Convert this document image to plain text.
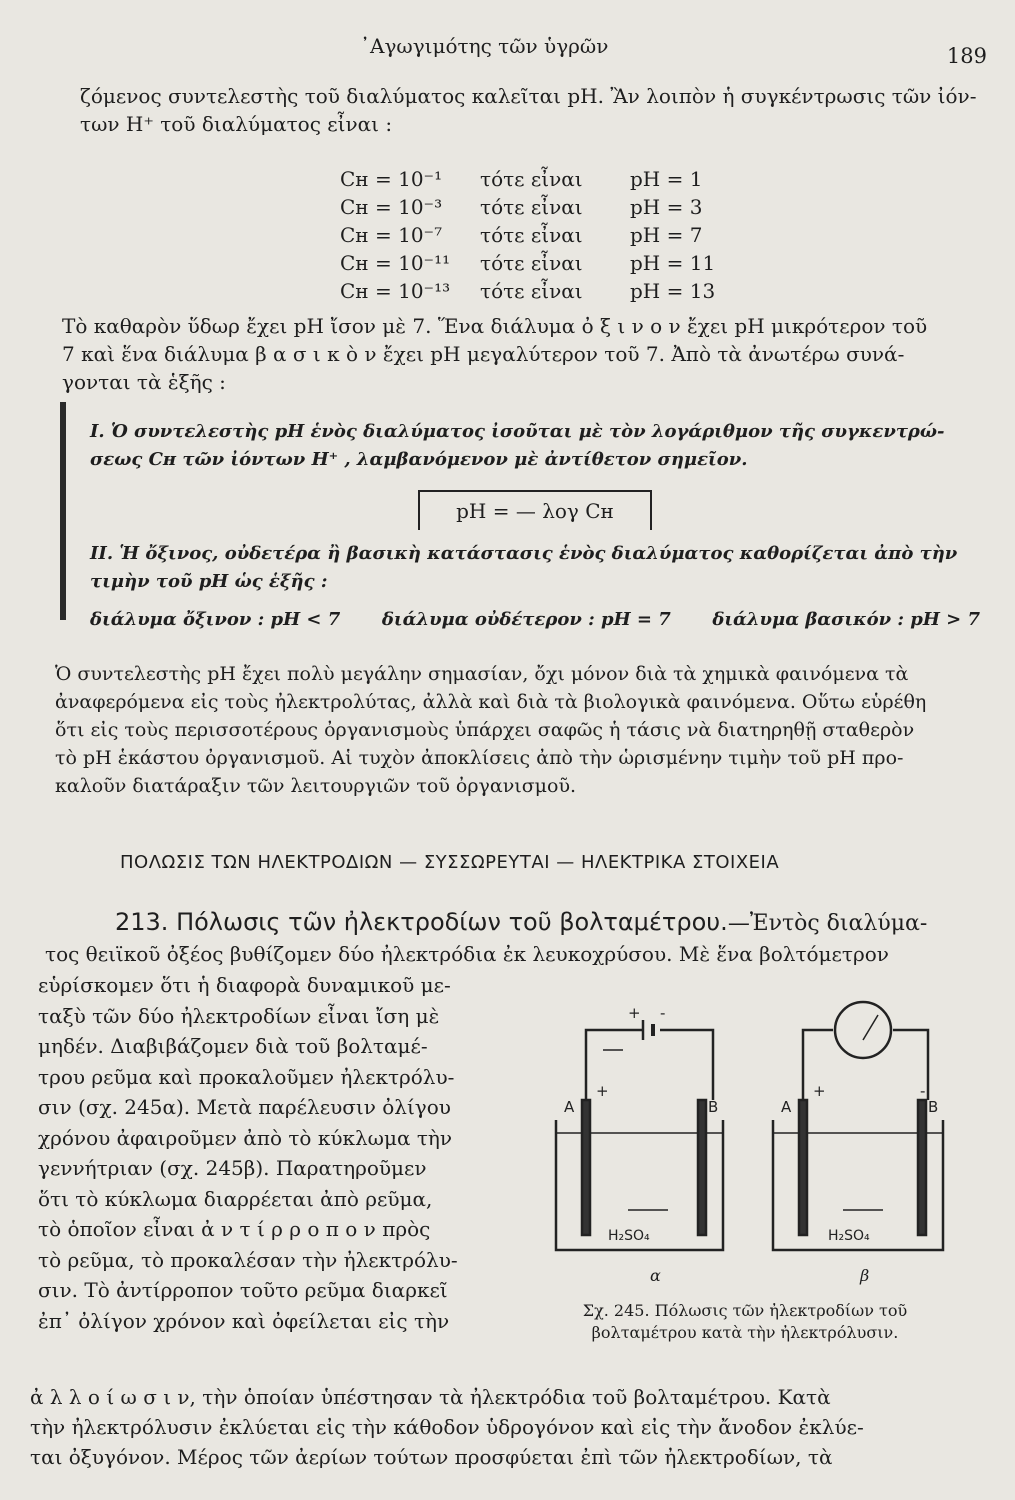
᾿Αγωγιμότης τῶν ὑγρῶν	189
ζόμενος συντελεστὴς τοῦ διαλύματος καλεῖται pH. Ἂν λοιπὸν ἡ συγκέντρωσις τῶν ἰόν-
των H⁺ τοῦ διαλύματος εἶναι :
Cʜ = 10⁻¹	τότε εἶναι	pH = 1
Cʜ = 10⁻³	τότε εἶναι	pH = 3
Cʜ = 10⁻⁷	τότε εἶναι	pH = 7
Cʜ = 10⁻¹¹	τότε εἶναι	pH = 11
Cʜ = 10⁻¹³	τότε εἶναι	pH = 13
Τὸ καθαρὸν ὕδωρ ἔχει pH ἴσον μὲ 7. Ἕνα διάλυμα ὀ ξ ι ν ο ν ἔχει pH μικρότερον τοῦ
7 καὶ ἕνα διάλυμα β α σ ι κ ὸ ν ἔχει pH μεγαλύτερον τοῦ 7. Ἀπὸ τὰ ἀνωτέρω συνά-
γονται τὰ ἑξῆς :
I. Ὁ συντελεστὴς pH ἑνὸς διαλύματος ἰσοῦται μὲ τὸν λογάριθμον τῆς συγκεντρώ-
σεως Cʜ τῶν ἰόντων H⁺ , λαμβανόμενον μὲ ἀντίθετον σημεῖον.
pH = — λογ Cʜ
II. Ἡ ὄξινος, οὐδετέρα ἢ βασικὴ κατάστασις ἑνὸς διαλύματος καθορίζεται ἀπὸ τὴν
τιμὴν τοῦ pH ὡς ἑξῆς :
διάλυμα ὄξινον : pH < 7 διάλυμα οὐδέτερον : pH = 7 διάλυμα βασικόν : pH > 7
Ὁ συντελεστὴς pH ἔχει πολὺ μεγάλην σημασίαν, ὄχι μόνον διὰ τὰ χημικὰ φαινόμενα τὰ
ἀναφερόμενα εἰς τοὺς ἠλεκτρολύτας, ἀλλὰ καὶ διὰ τὰ βιολογικὰ φαινόμενα. Οὕτω εὑρέθη
ὅτι εἰς τοὺς περισσοτέρους ὀργανισμοὺς ὑπάρχει σαφῶς ἡ τάσις νὰ διατηρηθῇ σταθερὸν
τὸ pH ἑκάστου ὀργανισμοῦ. Αἱ τυχὸν ἀποκλίσεις ἀπὸ τὴν ὡρισμένην τιμὴν τοῦ pH προ-
καλοῦν διατάραξιν τῶν λειτουργιῶν τοῦ ὀργανισμοῦ.
ΠΟΛΩΣΙΣ ΤΩΝ ΗΛΕΚΤΡΟΔΙΩΝ — ΣΥΣΣΩΡΕΥΤΑΙ — ΗΛΕΚΤΡΙΚΑ ΣΤΟΙΧΕΙΑ
213. Πόλωσις τῶν ἠλεκτροδίων τοῦ βολταμέτρου.—Ἐντὸς διαλύμα-
τος θειϊκοῦ ὀξέος βυθίζομεν δύο ἠλεκτρόδια ἐκ λευκοχρύσου. Μὲ ἕνα βολτόμετρον
εὑρίσκομεν ὅτι ἡ διαφορὰ δυναμικοῦ με-
ταξὺ τῶν δύο ἠλεκτροδίων εἶναι ἴση μὲ
μηδέν. Διαβιβάζομεν διὰ τοῦ βολταμέ-
τρου ρεῦμα καὶ προκαλοῦμεν ἠλεκτρόλυ-
σιν (σχ. 245α). Μετὰ παρέλευσιν ὀλίγου
χρόνου ἀφαιροῦμεν ἀπὸ τὸ κύκλωμα τὴν
γεννήτριαν (σχ. 245β). Παρατηροῦμεν
ὅτι τὸ κύκλωμα διαρρέεται ἀπὸ ρεῦμα,
τὸ ὁποῖον εἶναι ἀ ν τ ί ρ ρ ο π ο ν πρὸς
τὸ ρεῦμα, τὸ προκαλέσαν τὴν ἠλεκτρόλυ-
σιν. Τὸ ἀντίρροπον τοῦτο ρεῦμα διαρκεῖ
ἐπ᾿ ὀλίγον χρόνον καὶ ὀφείλεται εἰς τὴν
A
+
B
+ -
H₂SO₄
A
+	-
B
H₂SO₄
α	β
Σχ. 245. Πόλωσις τῶν ἠλεκτροδίων τοῦ
βολταμέτρου κατὰ τὴν ἠλεκτρόλυσιν.
ἀ λ λ ο ί ω σ ι ν, τὴν ὁποίαν ὑπέστησαν τὰ ἠλεκτρόδια τοῦ βολταμέτρου. Κατὰ
τὴν ἠλεκτρόλυσιν ἐκλύεται εἰς τὴν κάθοδον ὑδρογόνον καὶ εἰς τὴν ἄνοδον ἐκλύε-
ται ὀξυγόνον. Μέρος τῶν ἀερίων τούτων προσφύεται ἐπὶ τῶν ἠλεκτροδίων, τὰ
